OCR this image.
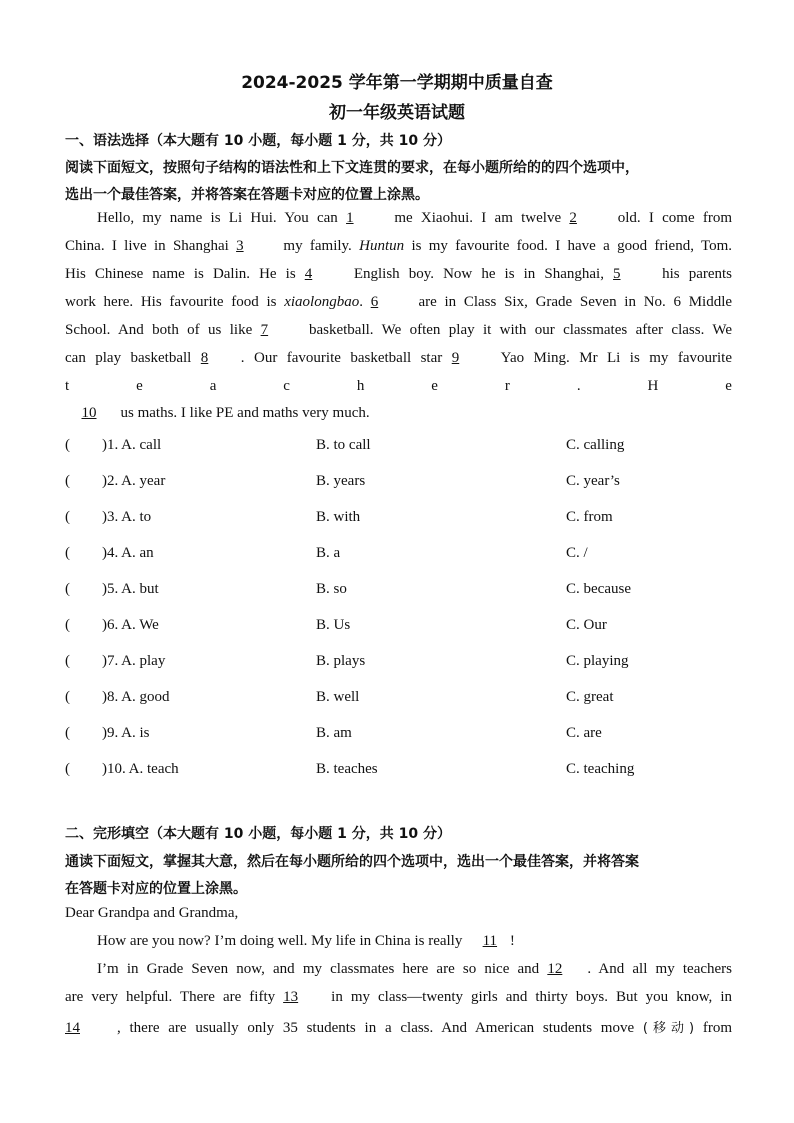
2024-2025 学年第一学期期中质量自查
初一年级英语试题
一、语法选择（本大题有 10 小题，每小题 1 分，共 10 分）
阅读下面短文，按照句子结构的语法性和上下文连贯的要求，在每小题所给的的四个选项中，
选出一个最佳答案，并将答案在答题卡对应的位置上涂黑。
Hello, my name is Li Hui. You can 1	me Xiaohui. I am twelve 2	old. I come from
China. I live in Shanghai 3	my family. Huntun is my favourite food. I have a good friend, Tom.
His Chinese name is Dalin. He is 4	English boy. Now he is in Shanghai, 5	his parents
work here. His favourite food is xiaolongbao. 6	are in Class Six, Grade Seven in No. 6 Middle
School. And both of us like 7	basketball. We often play it with our classmates after class. We
can play basketball 8 . Our favourite basketball star 9	Yao Ming. Mr Li is my favourite
t	e	a	c	h	e	r	.	H	e
10 us maths. I like PE and maths very much.
( )1. A. call	B. to call	C. calling
( )2. A. year	B. years	C. year’s
( )3. A. to	B. with	C. from
( )4. A. an	B. a	C. /
( )5. A. but	B. so	C. because
( )6. A. We	B. Us	C. Our
( )7. A. play	B. plays	C. playing
( )8. A. good	B. well	C. great
( )9. A. is	B. am	C. are
( )10. A. teach	B. teaches	C. teaching
二、完形填空（本大题有 10 小题，每小题 1 分，共 10 分）
通读下面短文，掌握其大意，然后在每小题所给的四个选项中，选出一个最佳答案，并将答案
在答题卡对应的位置上涂黑。
Dear Grandpa and Grandma,
How are you now? I’m doing well. My life in China is really 11 !
I’m in Grade Seven now, and my classmates here are so nice and 12 . And all my teachers
are very helpful. There are fifty 13 in my class—twenty girls and thirty boys. But you know, in
14 , there are usually only 35 students in a class. And American students move (移动) from
